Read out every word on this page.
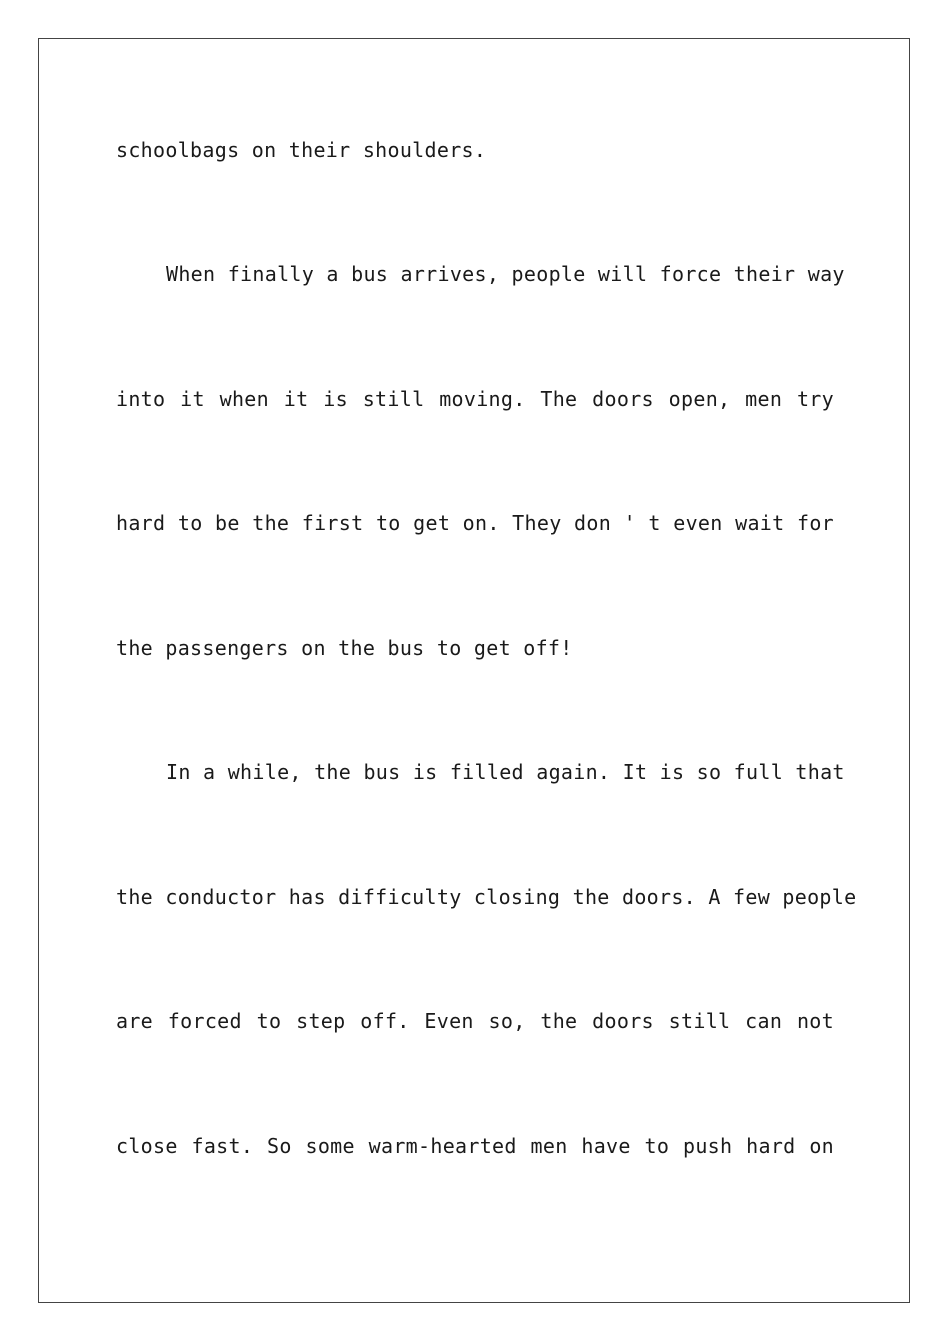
schoolbags on their shoulders.
When finally a bus arrives, people will force their way
into it when it is still moving. The doors open, men try
hard to be the first to get on. They don ' t even wait for
the passengers on the bus to get off!
In a while, the bus is filled again. It is so full that
the conductor has difficulty closing the doors. A few people
are forced to step off. Even so, the doors still can not
close fast. So some warm-hearted men have to push hard on
